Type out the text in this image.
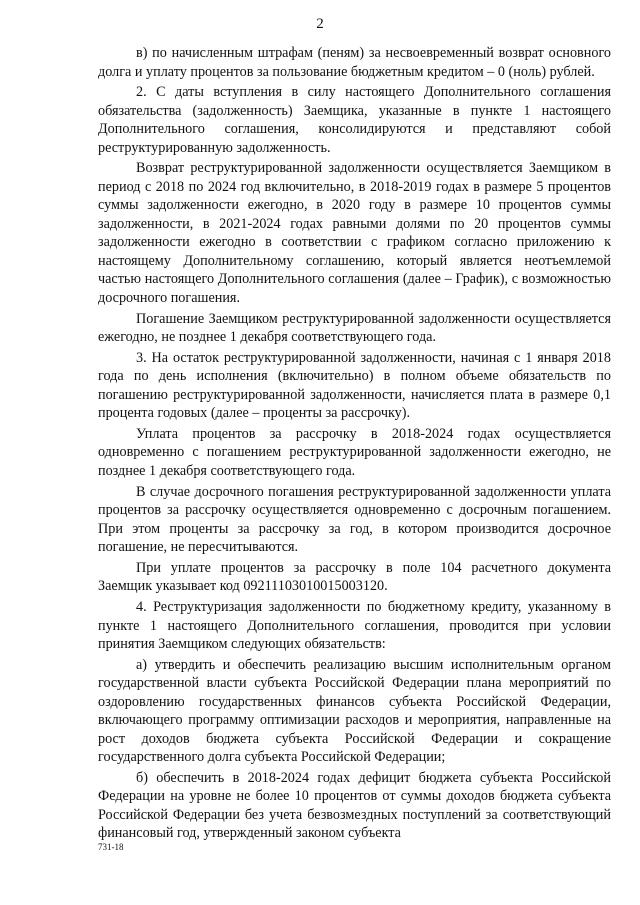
2

в) по начисленным штрафам (пеням) за несвоевременный возврат основного долга и уплату процентов за пользование бюджетным кредитом – 0 (ноль) рублей.

2. С даты вступления в силу настоящего Дополнительного соглашения обязательства (задолженность) Заемщика, указанные в пункте 1 настоящего Дополнительного соглашения, консолидируются и представляют собой реструктурированную задолженность.

Возврат реструктурированной задолженности осуществляется Заемщиком в период с 2018 по 2024 год включительно, в 2018-2019 годах в размере 5 процентов суммы задолженности ежегодно, в 2020 году в размере 10 процентов суммы задолженности, в 2021-2024 годах равными долями по 20 процентов суммы задолженности ежегодно в соответствии с графиком согласно приложению к настоящему Дополнительному соглашению, который является неотъемлемой частью настоящего Дополнительного соглашения (далее – График), с возможностью досрочного погашения.

Погашение Заемщиком реструктурированной задолженности осуществляется ежегодно, не позднее 1 декабря соответствующего года.

3. На остаток реструктурированной задолженности, начиная с 1 января 2018 года по день исполнения (включительно) в полном объеме обязательств по погашению реструктурированной задолженности, начисляется плата в размере 0,1 процента годовых (далее – проценты за рассрочку).

Уплата процентов за рассрочку в 2018-2024 годах осуществляется одновременно с погашением реструктурированной задолженности ежегодно, не позднее 1 декабря соответствующего года.

В случае досрочного погашения реструктурированной задолженности уплата процентов за рассрочку осуществляется одновременно с досрочным погашением. При этом проценты за рассрочку за год, в котором производится досрочное погашение, не пересчитываются.

При уплате процентов за рассрочку в поле 104 расчетного документа Заемщик указывает код 09211103010015003120.

4. Реструктуризация задолженности по бюджетному кредиту, указанному в пункте 1 настоящего Дополнительного соглашения, проводится при условии принятия Заемщиком следующих обязательств:

а) утвердить и обеспечить реализацию высшим исполнительным органом государственной власти субъекта Российской Федерации плана мероприятий по оздоровлению государственных финансов субъекта Российской Федерации, включающего программу оптимизации расходов и мероприятия, направленные на рост доходов бюджета субъекта Российской Федерации и сокращение государственного долга субъекта Российской Федерации;

б) обеспечить в 2018-2024 годах дефицит бюджета субъекта Российской Федерации на уровне не более 10 процентов от суммы доходов бюджета субъекта Российской Федерации без учета безвозмездных поступлений за соответствующий финансовый год, утвержденный законом субъекта

731-18
